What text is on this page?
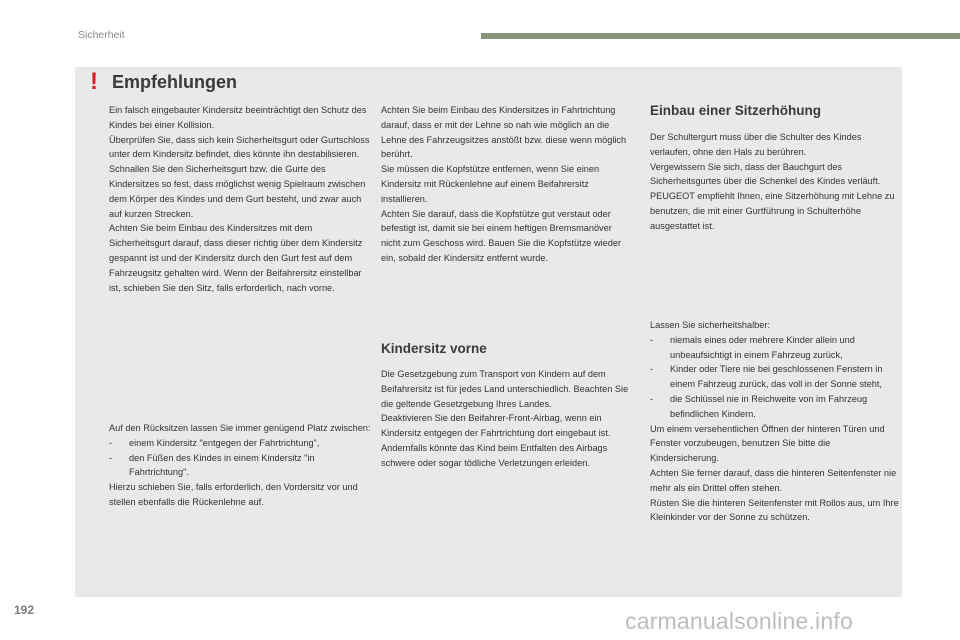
Sicherheit
! Empfehlungen

Ein falsch eingebauter Kindersitz beeinträchtigt den Schutz des Kindes bei einer Kollision.

Überprüfen Sie, dass sich kein Sicherheitsgurt oder Gurtschloss unter dem Kindersitz befindet, dies könnte ihn destabilisieren.

Schnallen Sie den Sicherheitsgurt bzw. die Gurte des Kindersitzes so fest, dass möglichst wenig Spielraum zwischen dem Körper des Kindes und dem Gurt besteht, und zwar auch auf kurzen Strecken.

Achten Sie beim Einbau des Kindersitzes mit dem Sicherheitsgurt darauf, dass dieser richtig über dem Kindersitz gespannt ist und der Kindersitz durch den Gurt fest auf dem Fahrzeugsitz gehalten wird. Wenn der Beifahrersitz einstellbar ist, schieben Sie den Sitz, falls erforderlich, nach vorne.

Auf den Rücksitzen lassen Sie immer genügend Platz zwischen:

-	einem Kindersitz "entgegen der Fahrtrichtung",
-	den Füßen des Kindes in einem Kindersitz "in Fahrtrichtung".

Hierzu schieben Sie, falls erforderlich, den Vordersitz vor und stellen ebenfalls die Rückenlehne auf.

Achten Sie beim Einbau des Kindersitzes in Fahrtrichtung darauf, dass er mit der Lehne so nah wie möglich an die Lehne des Fahrzeugsitzes anstößt bzw. diese wenn möglich berührt.

Sie müssen die Kopfstütze entfernen, wenn Sie einen Kindersitz mit Rückenlehne auf einem Beifahrersitz installieren.

Achten Sie darauf, dass die Kopfstütze gut verstaut oder befestigt ist, damit sie bei einem heftigen Bremsmanöver nicht zum Geschoss wird. Bauen Sie die Kopfstütze wieder ein, sobald der Kindersitz entfernt wurde.

Kindersitz vorne

Die Gesetzgebung zum Transport von Kindern auf dem Beifahrersitz ist für jedes Land unterschiedlich. Beachten Sie die geltende Gesetzgebung Ihres Landes.

Deaktivieren Sie den Beifahrer-Front-Airbag, wenn ein Kindersitz entgegen der Fahrtrichtung dort eingebaut ist.

Andernfalls könnte das Kind beim Entfalten des Airbags schwere oder sogar tödliche Verletzungen erleiden.

Einbau einer Sitzerhöhung

Der Schultergurt muss über die Schulter des Kindes verlaufen, ohne den Hals zu berühren.

Vergewissern Sie sich, dass der Bauchgurt des Sicherheitsgurtes über die Schenkel des Kindes verläuft.

PEUGEOT empfiehlt Ihnen, eine Sitzerhöhung mit Lehne zu benutzen, die mit einer Gurtführung in Schulterhöhe ausgestattet ist.

Lassen Sie sicherheitshalber:

-	niemals eines oder mehrere Kinder allein und unbeaufsichtigt in einem Fahrzeug zurück,
-	Kinder oder Tiere nie bei geschlossenen Fenstern in einem Fahrzeug zurück, das voll in der Sonne steht,
-	die Schlüssel nie in Reichweite von im Fahrzeug befindlichen Kindern.

Um einem versehentlichen Öffnen der hinteren Türen und Fenster vorzubeugen, benutzen Sie bitte die Kindersicherung.

Achten Sie ferner darauf, dass die hinteren Seitenfenster nie mehr als ein Drittel offen stehen.

Rüsten Sie die hinteren Seitenfenster mit Rollos aus, um Ihre Kleinkinder vor der Sonne zu schützen.

192	carmanualsonline.info
